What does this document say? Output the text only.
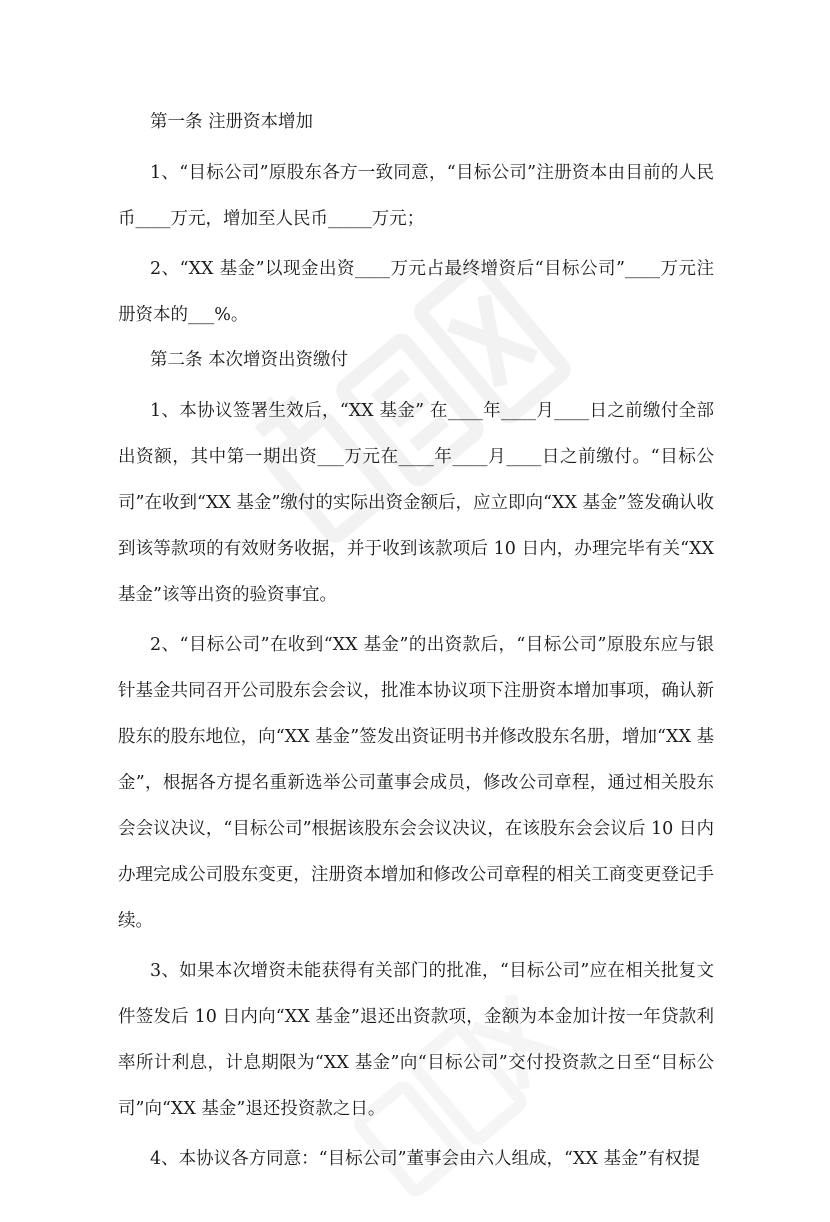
第一条 注册资本增加

1、“目标公司”原股东各方一致同意，“目标公司”注册资本由目前的人民币____万元，增加至人民币_____万元；

2、“XX 基金”以现金出资____万元占最终增资后“目标公司”____万元注册资本的___%。

第二条 本次增资出资缴付

1、本协议签署生效后，“XX 基金” 在____年____月____日之前缴付全部出资额，其中第一期出资___万元在____年____月____日之前缴付。“目标公司”在收到“XX 基金”缴付的实际出资金额后，应立即向“XX 基金”签发确认收到该等款项的有效财务收据，并于收到该款项后 10 日内，办理完毕有关“XX 基金”该等出资的验资事宜。

2、“目标公司”在收到“XX 基金”的出资款后，“目标公司”原股东应与银针基金共同召开公司股东会会议，批准本协议项下注册资本增加事项，确认新股东的股东地位，向“XX 基金”签发出资证明书并修改股东名册，增加“XX 基金”，根据各方提名重新选举公司董事会成员，修改公司章程，通过相关股东会会议决议，“目标公司”根据该股东会会议决议，在该股东会会议后 10 日内办理完成公司股东变更，注册资本增加和修改公司章程的相关工商变更登记手续。

3、如果本次增资未能获得有关部门的批准，“目标公司”应在相关批复文件签发后 10 日内向“XX 基金”退还出资款项，金额为本金加计按一年贷款利率所计利息，计息期限为“XX 基金”向“目标公司”交付投资款之日至“目标公司”向“XX 基金”退还投资款之日。

4、本协议各方同意：“目标公司”董事会由六人组成，“XX 基金”有权提
